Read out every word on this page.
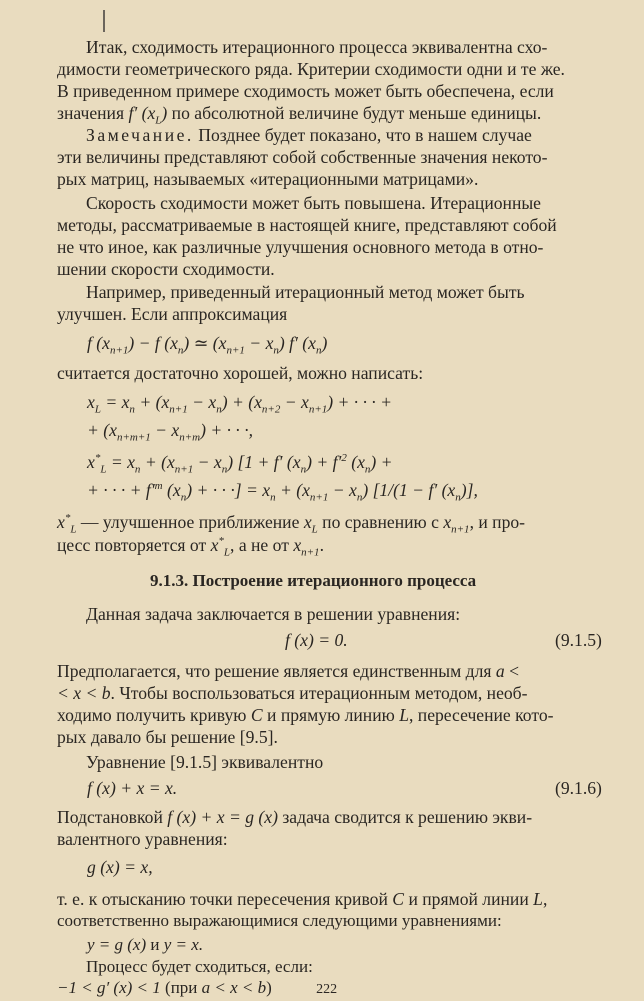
Итак, сходимость итерационного процесса эквивалентна схо-
димости геометрического ряда. Критерии сходимости одни и те же.
В приведенном примере сходимость может быть обеспечена, если
значения f′ $(x_L)$ по абсолютной величине будут меньше единицы.
Замечание. Позднее будет показано, что в нашем случае
эти величины представляют собой собственные значения некото-
рых матриц, называемых «итерационными матрицами».
Скорость сходимости может быть повышена. Итерационные
методы, рассматриваемые в настоящей книге, представляют собой
не что иное, как различные улучшения основного метода в отно-
шении скорости сходимости.
Например, приведенный итерационный метод может быть
улучшен. Если аппроксимация
f $(x_{n+1}) - f$ $(x_n)$ ≃ $(x_{n+1} - x_n)$ f′ $(x_n)$
считается достаточно хорошей, можно написать:
$x_L = x_n + (x_{n+1} - x_n) + (x_{n+2} - x_{n+1})$ + · · · +
+ $(x_{n+m+1} - x_{n+m})$ + · · ·,
$x^*_L = x_n + (x_{n+1} - x_n) [1 + f'$ $(x_n) + f'^2$ $(x_n)$ +
+ · · · + $f'^m$ $(x_n)$ + · · ·] = $x_n + (x_{n+1} - x_n) [1/(1 - f'$ $(x_n)$],
$x^*_L$ — улучшенное приближение $x_L$ по сравнению с $x_{n+1}$, и про-
цесс повторяется от $x^*_L$, а не от $x_{n+1}$.
9.1.3. Построение итерационного процесса
Данная задача заключается в решении уравнения:
f (x) = 0.	(9.1.5)
Предполагается, что решение является единственным для a <
< x < b. Чтобы воспользоваться итерационным методом, необ-
ходимо получить кривую C и прямую линию L, пересечение кото-
рых давало бы решение [9.5].
Уравнение [9.1.5] эквивалентно
f (x) + x = x.	(9.1.6)
Подстановкой f (x) + x = g (x) задача сводится к решению экви-
валентного уравнения:
g (x) = x,
т. е. к отысканию точки пересечения кривой C и прямой линии L,
соответственно выражающимися следующими уравнениями:
y = g (x) и y = x.
Процесс будет сходиться, если:
−1 < g′ (x) < 1 (при a < x < b)	222
